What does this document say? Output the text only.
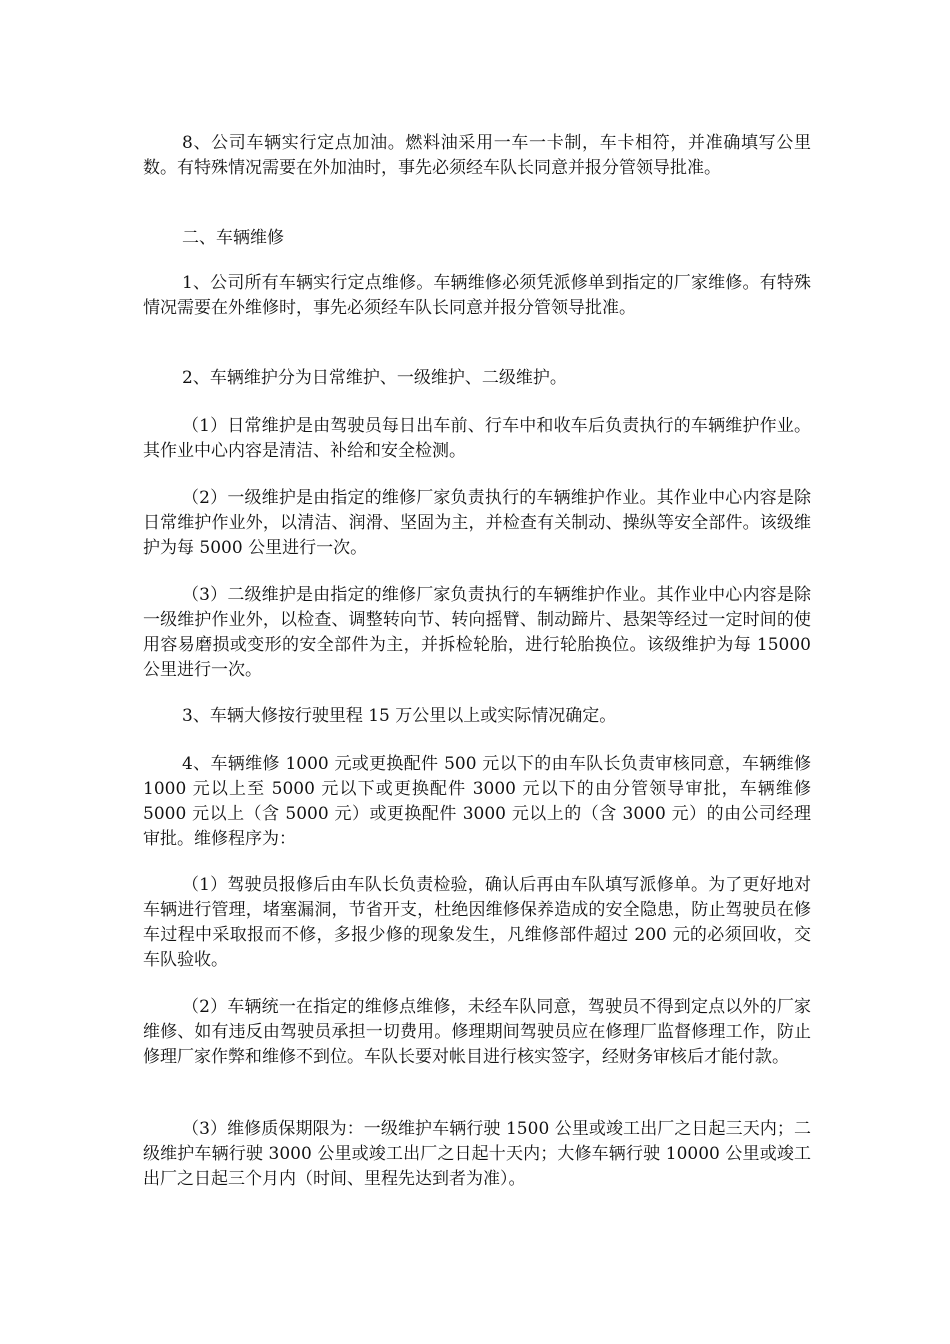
8、公司车辆实行定点加油。燃料油采用一车一卡制，车卡相符，并准确填写公里数。有特殊情况需要在外加油时，事先必须经车队长同意并报分管领导批准。

二、车辆维修

1、公司所有车辆实行定点维修。车辆维修必须凭派修单到指定的厂家维修。有特殊情况需要在外维修时，事先必须经车队长同意并报分管领导批准。

2、车辆维护分为日常维护、一级维护、二级维护。

（1）日常维护是由驾驶员每日出车前、行车中和收车后负责执行的车辆维护作业。其作业中心内容是清洁、补给和安全检测。

（2）一级维护是由指定的维修厂家负责执行的车辆维护作业。其作业中心内容是除日常维护作业外，以清洁、润滑、坚固为主，并检查有关制动、操纵等安全部件。该级维护为每 5000 公里进行一次。

（3）二级维护是由指定的维修厂家负责执行的车辆维护作业。其作业中心内容是除一级维护作业外，以检查、调整转向节、转向摇臂、制动蹄片、悬架等经过一定时间的使用容易磨损或变形的安全部件为主，并拆检轮胎，进行轮胎换位。该级维护为每 15000 公里进行一次。

3、车辆大修按行驶里程 15 万公里以上或实际情况确定。

4、车辆维修 1000 元或更换配件 500 元以下的由车队长负责审核同意，车辆维修 1000 元以上至 5000 元以下或更换配件 3000 元以下的由分管领导审批，车辆维修 5000 元以上（含 5000 元）或更换配件 3000 元以上的（含 3000 元）的由公司经理审批。维修程序为：

（1）驾驶员报修后由车队长负责检验，确认后再由车队填写派修单。为了更好地对车辆进行管理，堵塞漏洞，节省开支，杜绝因维修保养造成的安全隐患，防止驾驶员在修车过程中采取报而不修，多报少修的现象发生，凡维修部件超过 200 元的必须回收，交车队验收。

（2）车辆统一在指定的维修点维修，未经车队同意，驾驶员不得到定点以外的厂家维修、如有违反由驾驶员承担一切费用。修理期间驾驶员应在修理厂监督修理工作，防止修理厂家作弊和维修不到位。车队长要对帐目进行核实签字，经财务审核后才能付款。

（3）维修质保期限为：一级维护车辆行驶 1500 公里或竣工出厂之日起三天内；二级维护车辆行驶 3000 公里或竣工出厂之日起十天内；大修车辆行驶 10000 公里或竣工出厂之日起三个月内（时间、里程先达到者为准）。
